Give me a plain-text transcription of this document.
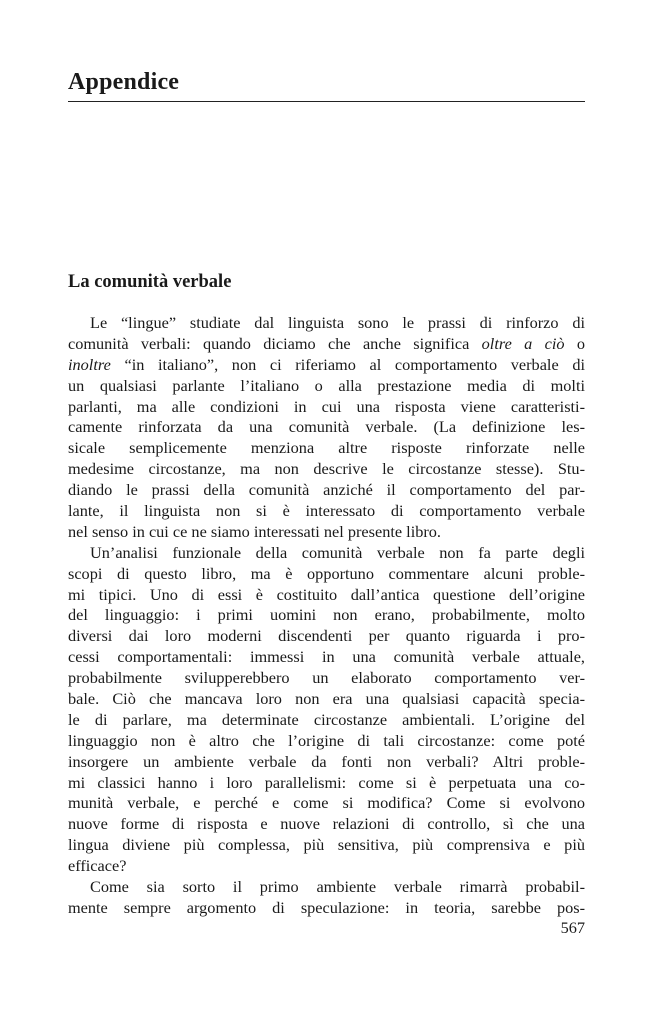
Appendice
La comunità verbale
Le “lingue” studiate dal linguista sono le prassi di rinforzo di
comunità verbali: quando diciamo che anche significa oltre a ciò o
inoltre “in italiano”, non ci riferiamo al comportamento verbale di
un qualsiasi parlante l’italiano o alla prestazione media di molti
parlanti, ma alle condizioni in cui una risposta viene caratteristi-
camente rinforzata da una comunità verbale. (La definizione les-
sicale semplicemente menziona altre risposte rinforzate nelle
medesime circostanze, ma non descrive le circostanze stesse). Stu-
diando le prassi della comunità anziché il comportamento del par-
lante, il linguista non si è interessato di comportamento verbale
nel senso in cui ce ne siamo interessati nel presente libro.
Un’analisi funzionale della comunità verbale non fa parte degli
scopi di questo libro, ma è opportuno commentare alcuni proble-
mi tipici. Uno di essi è costituito dall’antica questione dell’origine
del linguaggio: i primi uomini non erano, probabilmente, molto
diversi dai loro moderni discendenti per quanto riguarda i pro-
cessi comportamentali: immessi in una comunità verbale attuale,
probabilmente svilupperebbero un elaborato comportamento ver-
bale. Ciò che mancava loro non era una qualsiasi capacità specia-
le di parlare, ma determinate circostanze ambientali. L’origine del
linguaggio non è altro che l’origine di tali circostanze: come poté
insorgere un ambiente verbale da fonti non verbali? Altri proble-
mi classici hanno i loro parallelismi: come si è perpetuata una co-
munità verbale, e perché e come si modifica? Come si evolvono
nuove forme di risposta e nuove relazioni di controllo, sì che una
lingua diviene più complessa, più sensitiva, più comprensiva e più
efficace?
Come sia sorto il primo ambiente verbale rimarrà probabil-
mente sempre argomento di speculazione: in teoria, sarebbe pos-
567
